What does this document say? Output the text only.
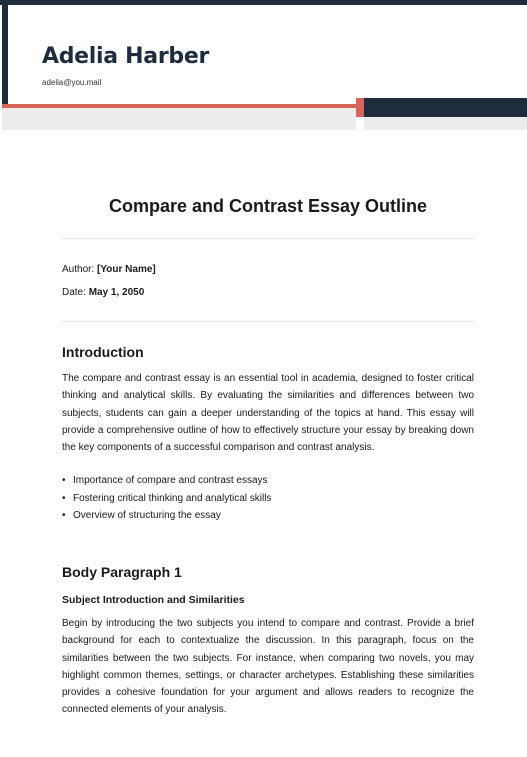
Adelia Harber
adelia@you.mail
Compare and Contrast Essay Outline

Author: [Your Name]

Date: May 1, 2050

Introduction

The compare and contrast essay is an essential tool in academia, designed to foster critical thinking and analytical skills. By evaluating the similarities and differences between two subjects, students can gain a deeper understanding of the topics at hand. This essay will provide a comprehensive outline of how to effectively structure your essay by breaking down the key components of a successful comparison and contrast analysis.

• Importance of compare and contrast essays
• Fostering critical thinking and analytical skills
• Overview of structuring the essay
Body Paragraph 1
Subject Introduction and Similarities

Begin by introducing the two subjects you intend to compare and contrast. Provide a brief background for each to contextualize the discussion. In this paragraph, focus on the similarities between the two subjects. For instance, when comparing two novels, you may highlight common themes, settings, or character archetypes. Establishing these similarities provides a cohesive foundation for your argument and allows readers to recognize the connected elements of your analysis.
